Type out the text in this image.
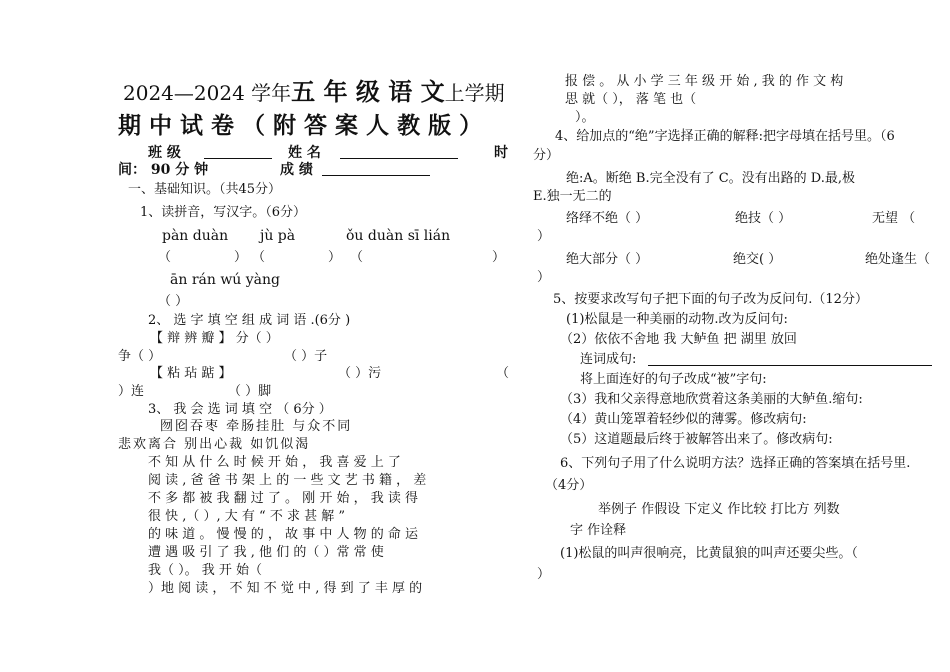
2024—2024 学年五 年 级 语 文上学期
期 中 试 卷 （ 附 答 案 人 教 版 ）
班 级	姓 名	时
间： 90 分 钟	成 绩
一、基础知识。（共45分）
1、读拼音，写汉字。（6分）
pàn duàn jù pà	ǒu duàn sī lián
（	） （	） （	）
ān rán wú yàng
（ ）
2、 选 字 填 空 组 成 词 语 .(6分 )
【 辩 辨 瓣 】 分（ ）
争（ ）	（ ）子
【 粘 玷 踮 】	（ ）污	（
）连	（ ）脚
3、 我 会 选 词 填 空 （ 6分 ）
囫囵吞枣 牵肠挂肚 与众不同
悲欢离合 别出心裁 如饥似渴
不 知 从 什 么 时 候 开 始 ， 我 喜 爱 上 了
阅 读 , 爸 爸 书 架 上 的 一 些 文 艺 书 籍 ， 差
不 多 都 被 我 翻 过 了 。 刚 开 始 ， 我 读 得
很 快 ,（ ）, 大 有 “ 不 求 甚 解 ”
的 味 道 。 慢 慢 的 ， 故 事 中 人 物 的 命 运
遭 遇 吸 引 了 我 , 他 们 的（ ）常 常 使
我（ ）。 我 开 始（
）地 阅 读 ， 不 知 不 觉 中 , 得 到 了 丰 厚 的
报 偿 。 从 小 学 三 年 级 开 始 , 我 的 作 文 构
思 就（ ）， 落 笔 也（
）。
4、给加点的“绝”字选择正确的解释:把字母填在括号里。（6
分）
绝:A。断绝 B.完全没有了 C。没有出路的 D.最,极
E.独一无二的
络绎不绝（ ）	绝技（ ）	无望 （
）
绝大部分（ ）	绝交( ）	绝处逢生（
）
5、按要求改写句子把下面的句子改为反问句.（12分）
(1)松鼠是一种美丽的动物.改为反问句:
（2）依依不舍地 我 大鲈鱼 把 湖里 放回
连词成句:
将上面连好的句子改成“被”字句:
（3）我和父亲得意地欣赏着这条美丽的大鲈鱼.缩句:
（4）黄山笼罩着轻纱似的薄雾。修改病句:
（5）这道题最后终于被解答出来了。修改病句:
6、下列句子用了什么说明方法？选择正确的答案填在括号里.
（4分）
举例子 作假设 下定义 作比较 打比方 列数
字 作诠释
(1)松鼠的叫声很响亮，比黄鼠狼的叫声还要尖些。（
）
